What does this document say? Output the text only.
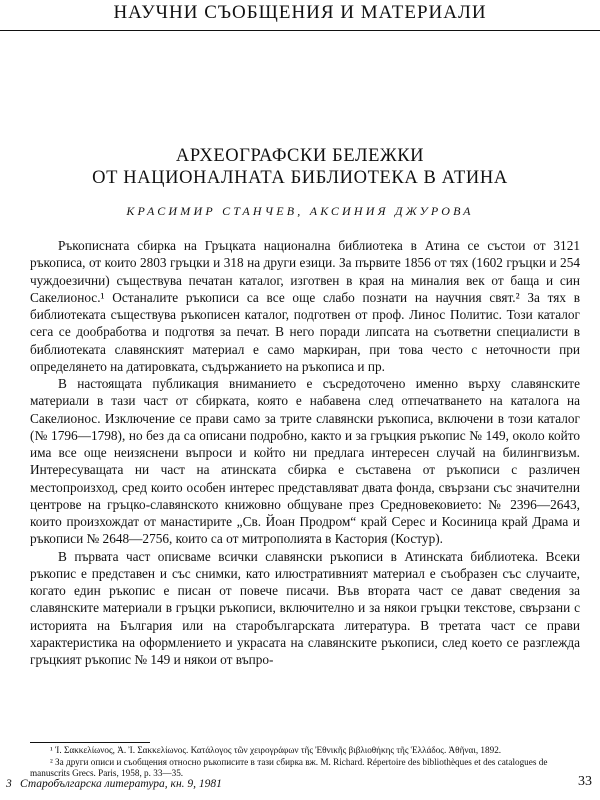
НАУЧНИ СЪОБЩЕНИЯ И МАТЕРИАЛИ
АРХЕОГРАФСКИ БЕЛЕЖКИ
ОТ НАЦИОНАЛНАТА БИБЛИОТЕКА В АТИНА
КРАСИМИР СТАНЧЕВ, АКСИНИЯ ДЖУРОВА

Ръкописната сбирка на Гръцката национална библиотека в Атина се състои от 3121 ръкописа, от които 2803 гръцки и 318 на други езици. За първите 1856 от тях (1602 гръцки и 254 чуждоезични) съществува печатан каталог, изготвен в края на миналия век от баща и син Сакелионос.¹ Останалите ръкописи са все още слабо познати на научния свят.² За тях в библиотеката съществува ръкописен каталог, подготвен от проф. Линос Политис. Този каталог сега се дообработва и подготвя за печат. В него поради липсата на съответни специалисти в библиотеката славянският материал е само маркиран, при това често с неточности при определянето на датировката, съдържанието на ръкописа и пр.

В настоящата публикация вниманието е съсредоточено именно върху славянските материали в тази част от сбирката, която е набавена след отпечатването на каталога на Сакелионос. Изключение се прави само за трите славянски ръкописа, включени в този каталог (№ 1796—1798), но без да са описани подробно, както и за гръцкия ръкопис № 149, около който има все още неизяснени въпроси и който ни предлага интересен случай на билингвизъм. Интересуващата ни част на атинската сбирка е съставена от ръкописи с различен местопроизход, сред които особен интерес представляват двата фонда, свързани със значителни центрове на гръцко-славянското книжовно общуване през Средновековието: № 2396—2643, които произхождат от манастирите „Св. Йоан Продром“ край Серес и Косиница край Драма и ръкописи № 2648—2756, които са от митрополията в Кастория (Костур).

В първата част описваме всички славянски ръкописи в Атинската библиотека. Всеки ръкопис е представен и със снимки, като илюстративният материал е съобразен със случаите, когато един ръкопис е писан от повече писачи. Във втората част се дават сведения за славянските материали в гръцки ръкописи, включително и за някои гръцки текстове, свързани с историята на България или на старобългарската литература. В третата част се прави характеристика на оформлението и украсата на славянските ръкописи, след което се разглежда гръцкият ръкопис № 149 и някои от въпро-

¹ Ἰ. Σακκελίωνος, Ἀ. Ἰ. Σακκελίωνος. Κατάλογος τῶν χειρογράφων τῆς Ἐθνικῆς βιβλιοθήκης τῆς Ἑλλάδος. Ἀθῆναι, 1892.

² За други описи и съобщения относно ръкописите в тази сбирка вж. M. Richard. Répertoire des bibliothèques et des catalogues de manuscrits Grecs. Paris, 1958, p. 33—35.

3 Старобългарска литература, кн. 9, 1981	33
